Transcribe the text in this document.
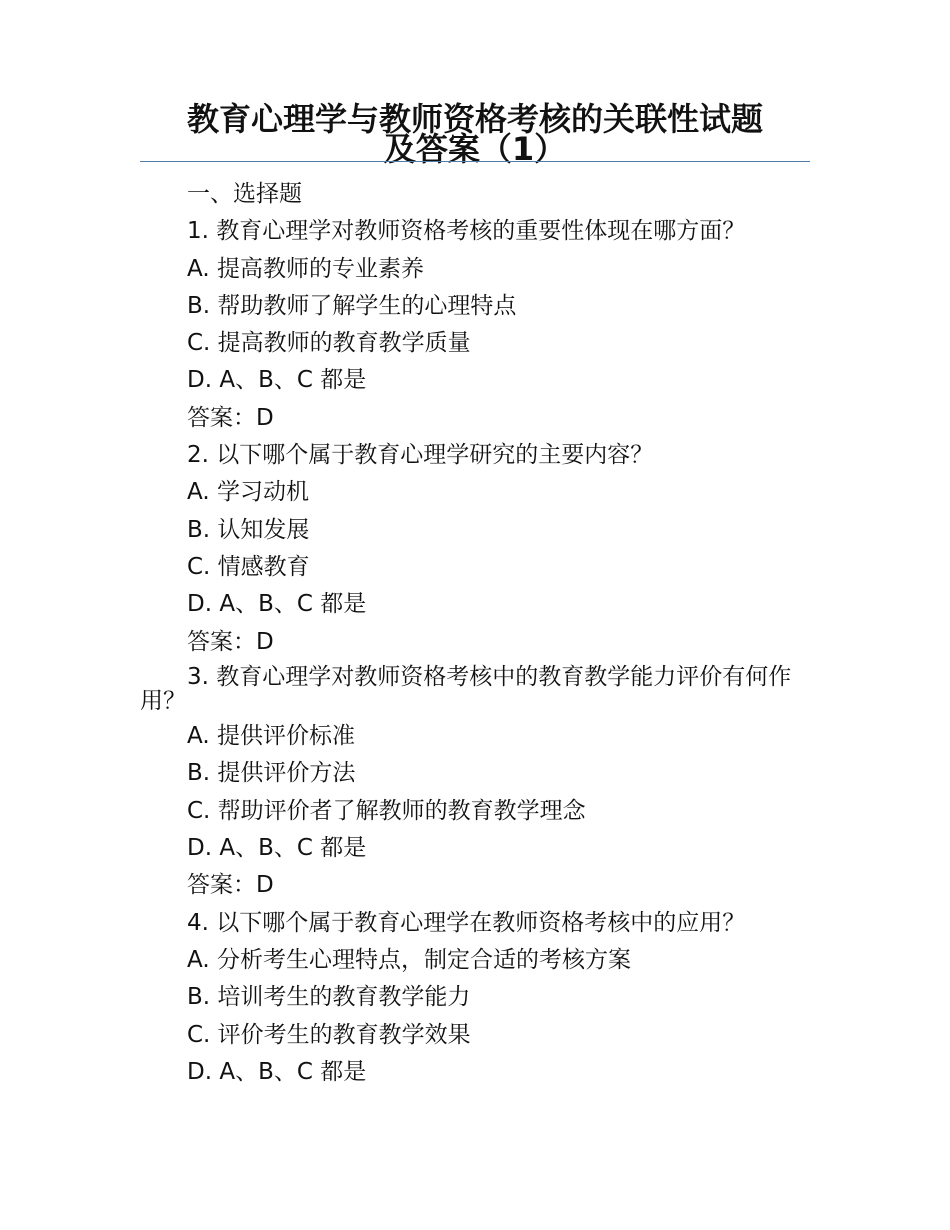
教育心理学与教师资格考核的关联性试题
及答案（1）
一、选择题
1. 教育心理学对教师资格考核的重要性体现在哪方面？
A. 提高教师的专业素养
B. 帮助教师了解学生的心理特点
C. 提高教师的教育教学质量
D. A、B、C 都是
答案：D
2. 以下哪个属于教育心理学研究的主要内容？
A. 学习动机
B. 认知发展
C. 情感教育
D. A、B、C 都是
答案：D
3. 教育心理学对教师资格考核中的教育教学能力评价有何作用？
A. 提供评价标准
B. 提供评价方法
C. 帮助评价者了解教师的教育教学理念
D. A、B、C 都是
答案：D
4. 以下哪个属于教育心理学在教师资格考核中的应用？
A. 分析考生心理特点，制定合适的考核方案
B. 培训考生的教育教学能力
C. 评价考生的教育教学效果
D. A、B、C 都是
